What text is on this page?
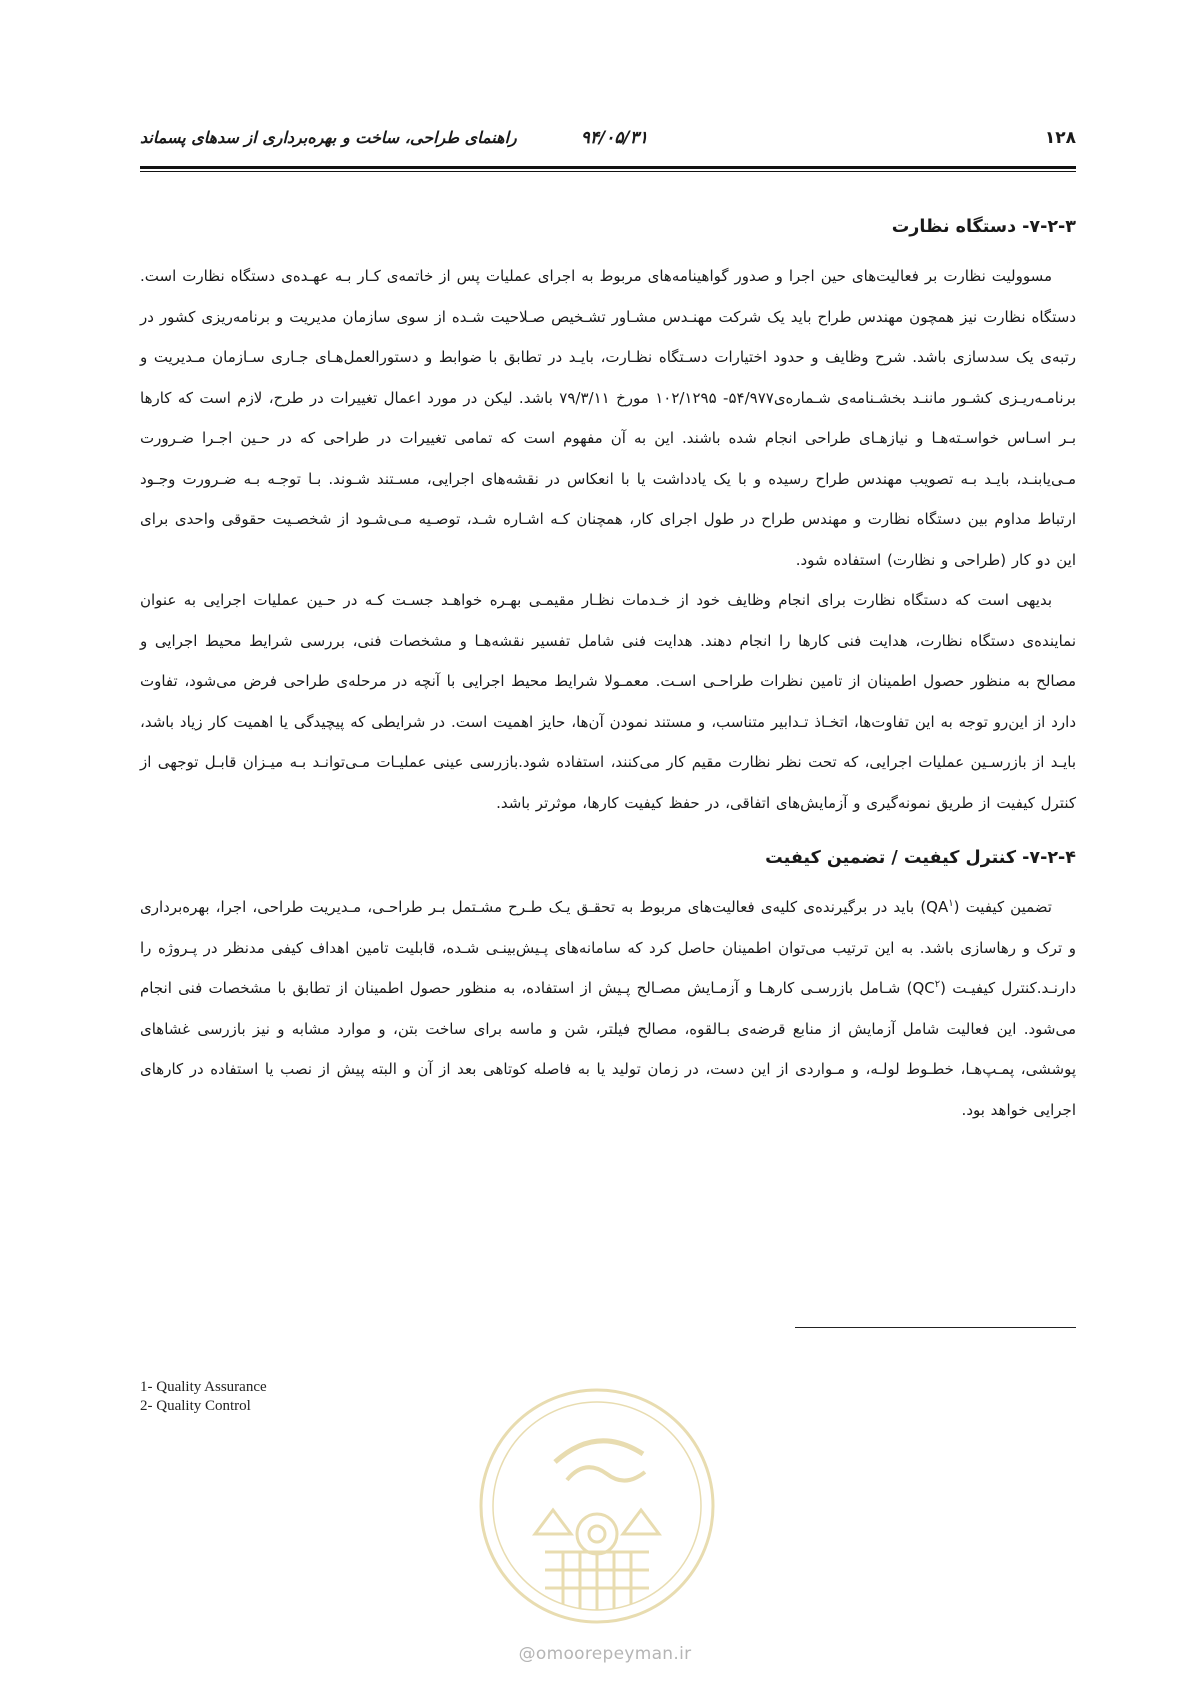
۱۲۸
۹۴/۰۵/۳۱
راهنمای طراحی، ساخت و بهره‌برداری از سدهای پسماند
۷-۲-۳- دستگاه نظارت

مسوولیت نظارت بر فعالیت‌های حین اجرا و صدور گواهینامه‌های مربوط به اجرای عملیات پس از خاتمه‌ی کـار بـه عهـده‌ی دستگاه نظارت است. دستگاه نظارت نیز همچون مهندس طراح باید یک شرکت مهنـدس مشـاور تشـخیص صـلاحیت شـده از سوی سازمان مدیریت و برنامه‌ریزی کشور در رتبه‌ی یک سدسازی باشد. شرح وظایف و حدود اختیارات دسـتگاه نظـارت، بایـد در تطابق با ضوابط و دستورالعمل‌هـای جـاری سـازمان مـدیریت و برنامـه‌ریـزی کشـور ماننـد بخشـنامه‌ی شـماره‌ی۵۴/۹۷۷- ۱۰۲/۱۲۹۵ مورخ ۷۹/۳/۱۱ باشد. لیکن در مورد اعمال تغییرات در طرح، لازم است که کارها بـر اسـاس خواسـته‌هـا و نیازهـای طراحی انجام شده باشند. این به آن مفهوم است که تمامی تغییرات در طراحی که در حـین اجـرا ضـرورت مـی‌یابنـد، بایـد بـه تصویب مهندس طراح رسیده و با یک یادداشت یا با انعکاس در نقشه‌های اجرایی، مسـتند شـوند. بـا توجـه بـه ضـرورت وجـود ارتباط مداوم بین دستگاه نظارت و مهندس طراح در طول اجرای کار، همچنان کـه اشـاره شـد، توصـیه مـی‌شـود از شخصـیت حقوقی واحدی برای این دو کار (طراحی و نظارت) استفاده شود.

بدیهی است که دستگاه نظارت برای انجام وظایف خود از خـدمات نظـار مقیمـی بهـره خواهـد جسـت کـه در حـین عملیات اجرایی به عنوان نماینده‌ی دستگاه نظارت، هدایت فنی کارها را انجام دهند. هدایت فنی شامل تفسیر نقشه‌هـا و مشخصات فنی، بررسی شرایط محیط اجرایی و مصالح به منظور حصول اطمینان از تامین نظرات طراحـی اسـت. معمـولا شرایط محیط اجرایی با آنچه در مرحله‌ی طراحی فرض می‌شود، تفاوت دارد از این‌رو توجه به این تفاوت‌ها، اتخـاذ تـدابیر متناسب، و مستند نمودن آن‌ها، حایز اهمیت است. در شرایطی که پیچیدگی یا اهمیت کار زیاد باشد، بایـد از بازرسـین عملیات اجرایی، که تحت نظر نظارت مقیم کار می‌کنند، استفاده شود.بازرسی عینی عملیـات مـی‌توانـد بـه میـزان قابـل توجهی از کنترل کیفیت از طریق نمونه‌گیری و آزمایش‌های اتفاقی، در حفظ کیفیت کارها، موثرتر باشد.

۷-۲-۴- کنترل کیفیت / تضمین کیفیت

تضمین کیفیت $(QA^۱)$ باید در برگیرنده‌ی کلیه‌ی فعالیت‌های مربوط به تحقـق یـک طـرح مشـتمل بـر طراحـی، مـدیریت طراحی، اجرا، بهره‌برداری و ترک و رهاسازی باشد. به این ترتیب می‌توان اطمینان حاصل کرد که سامانه‌های پـیش‌بینـی شـده، قابلیت تامین اهداف کیفی مدنظر در پـروژه را دارنـد.کنترل کیفیـت $(QC^۲)$ شـامل بازرسـی کارهـا و آزمـایش مصـالح پـیش از استفاده، به منظور حصول اطمینان از تطابق با مشخصات فنی انجام می‌شود. این فعالیت شامل آزمایش از منابع قرضه‌ی بـالقوه، مصالح فیلتر، شن و ماسه برای ساخت بتن، و موارد مشابه و نیز بازرسی غشاهای پوششی، پمـپ‌هـا، خطـوط لولـه، و مـواردی از این دست، در زمان تولید یا به فاصله کوتاهی بعد از آن و البته پیش از نصب یا استفاده در کارهای اجرایی خواهد بود.

1- Quality Assurance
2- Quality Control
@omoorepeyman.ir
